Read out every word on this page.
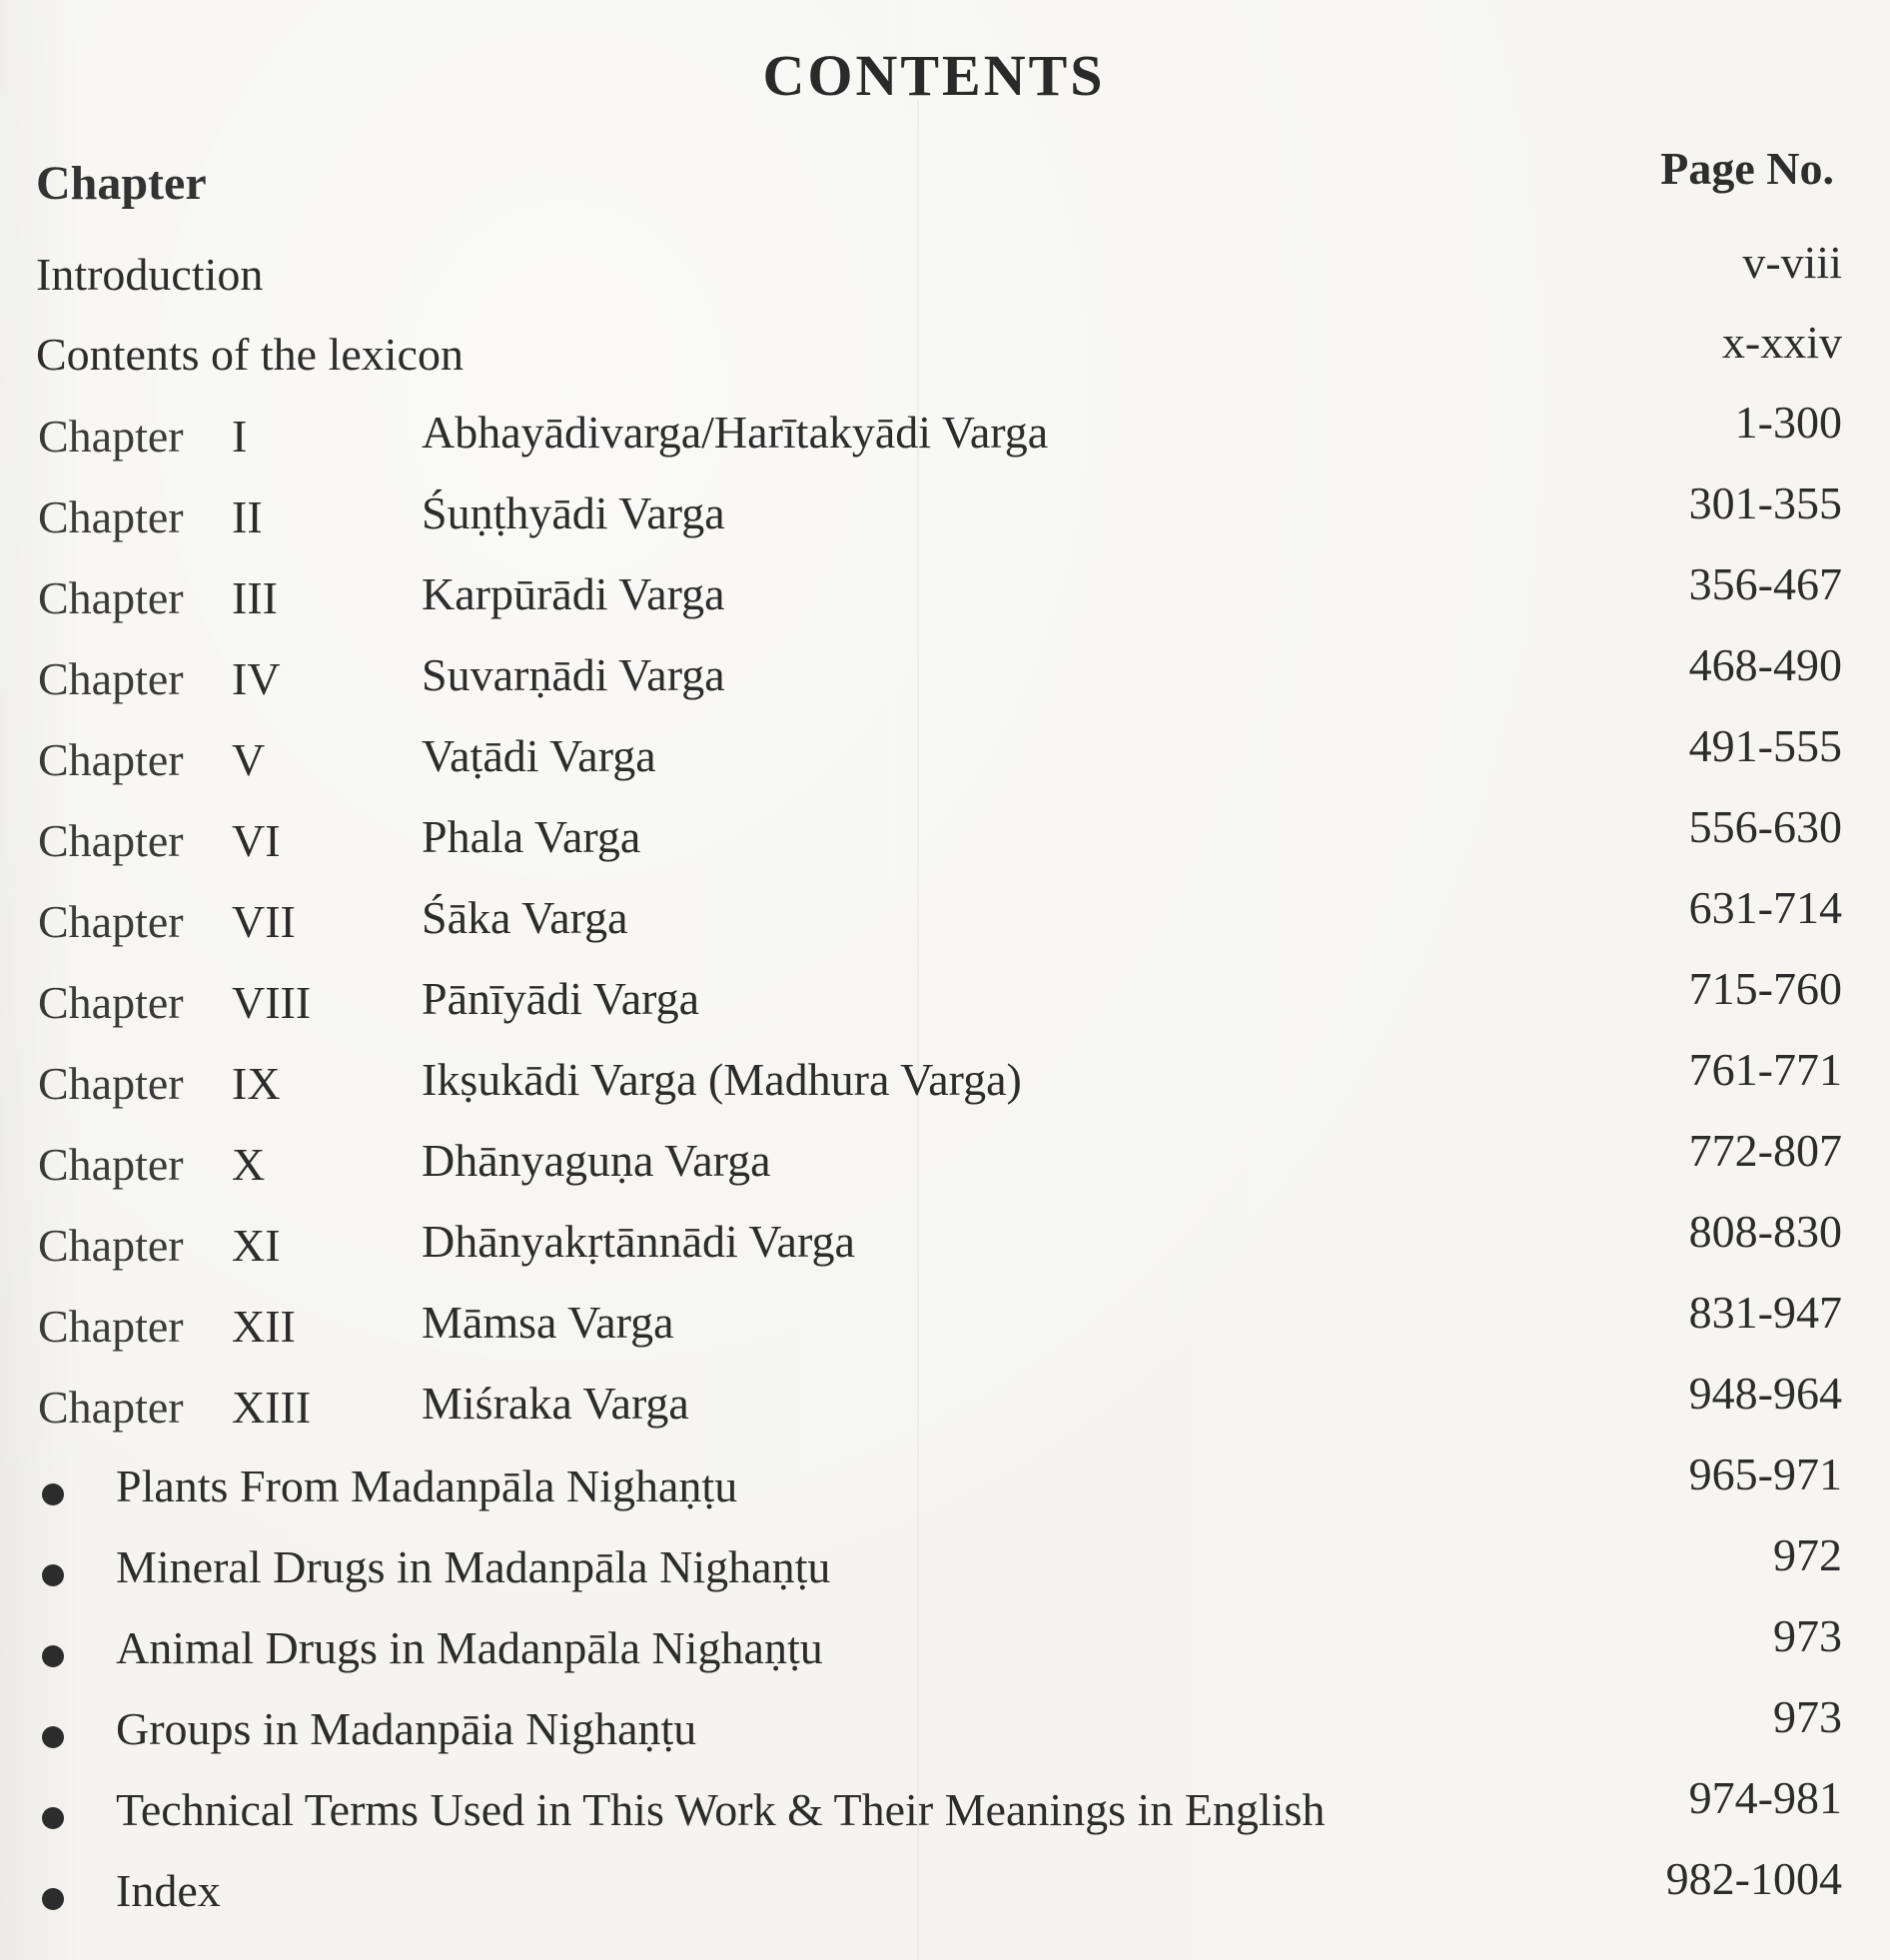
CONTENTS
Chapter	Page No.
Introduction	v-viii
Contents of the lexicon	x-xxiv
Chapter I	Abhayādivarga/Harītakyādi Varga	1-300
Chapter II	Śuṇṭhyādi Varga	301-355
Chapter III	Karpūrādi Varga	356-467
Chapter IV	Suvarṇādi Varga	468-490
Chapter V	Vaṭādi Varga	491-555
Chapter VI	Phala Varga	556-630
Chapter VII	Śāka Varga	631-714
Chapter VIII Pānīyādi Varga	715-760
Chapter IX	Ikṣukādi Varga (Madhura Varga)	761-771
Chapter X	Dhānyaguṇa Varga	772-807
Chapter XI	Dhānyakṛtānnādi Varga	808-830
Chapter XII	Māmsa Varga	831-947
Chapter XIII Miśraka Varga	948-964
Plants From Madanpāla Nighaṇṭu	965-971
Mineral Drugs in Madanpāla Nighaṇṭu	972
Animal Drugs in Madanpāla Nighaṇṭu	973
Groups in Madanpāia Nighaṇṭu	973
Technical Terms Used in This Work & Their Meanings in English	974-981
Index	982-1004
